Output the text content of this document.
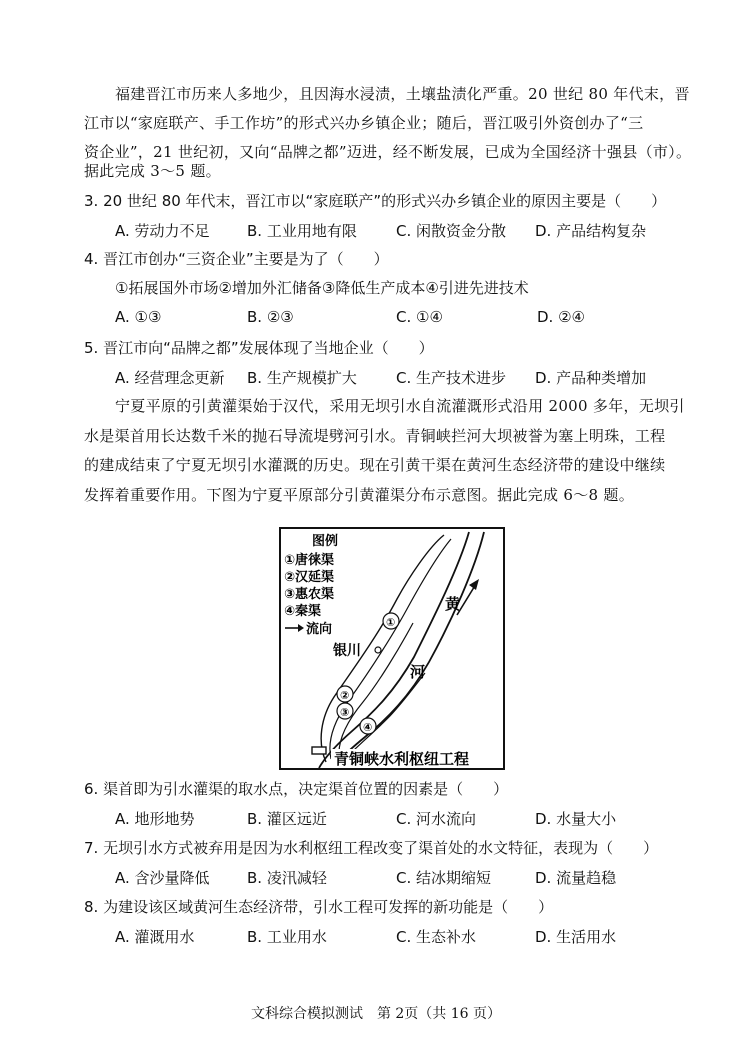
福建晋江市历来人多地少，且因海水浸渍，土壤盐渍化严重。20 世纪 80 年代末，晋
江市以“家庭联产、手工作坊”的形式兴办乡镇企业；随后，晋江吸引外资创办了“三
资企业”，21 世纪初，又向“品牌之都”迈进，经不断发展，已成为全国经济十强县（市）。
据此完成 3～5 题。
3. 20 世纪 80 年代末，晋江市以“家庭联产”的形式兴办乡镇企业的原因主要是（　　）
A. 劳动力不足 B. 工业用地有限	C. 闲散资金分散 D. 产品结构复杂
4. 晋江市创办“三资企业”主要是为了（　　）
①拓展国外市场②增加外汇储备③降低生产成本④引进先进技术
A. ①③	B. ②③	C. ①④	D. ②④
5. 晋江市向“品牌之都”发展体现了当地企业（　　）
A. 经营理念更新 B. 生产规模扩大	C. 生产技术进步 D. 产品种类增加
宁夏平原的引黄灌渠始于汉代，采用无坝引水自流灌溉形式沿用 2000 多年，无坝引
水是渠首用长达数千米的抛石导流堤劈河引水。青铜峡拦河大坝被誉为塞上明珠，工程
的建成结束了宁夏无坝引水灌溉的历史。现在引黄干渠在黄河生态经济带的建设中继续
发挥着重要作用。下图为宁夏平原部分引黄灌渠分布示意图。据此完成 6～8 题。
图例
①唐徕渠
②汉延渠
③惠农渠
④秦渠
流向
黄
河
银川
①
②
③
④
青铜峡水利枢纽工程
6. 渠首即为引水灌渠的取水点，决定渠首位置的因素是（　　）
A. 地形地势	B. 灌区远近	C. 河水流向	D. 水量大小
7. 无坝引水方式被弃用是因为水利枢纽工程改变了渠首处的水文特征，表现为（　　）
A. 含沙量降低 B. 凌汛减轻	C. 结冰期缩短	D. 流量趋稳
8. 为建设该区域黄河生态经济带，引水工程可发挥的新功能是（　　）
A. 灌溉用水	B. 工业用水	C. 生态补水	D. 生活用水
文科综合模拟测试　第 2页（共 16 页）
